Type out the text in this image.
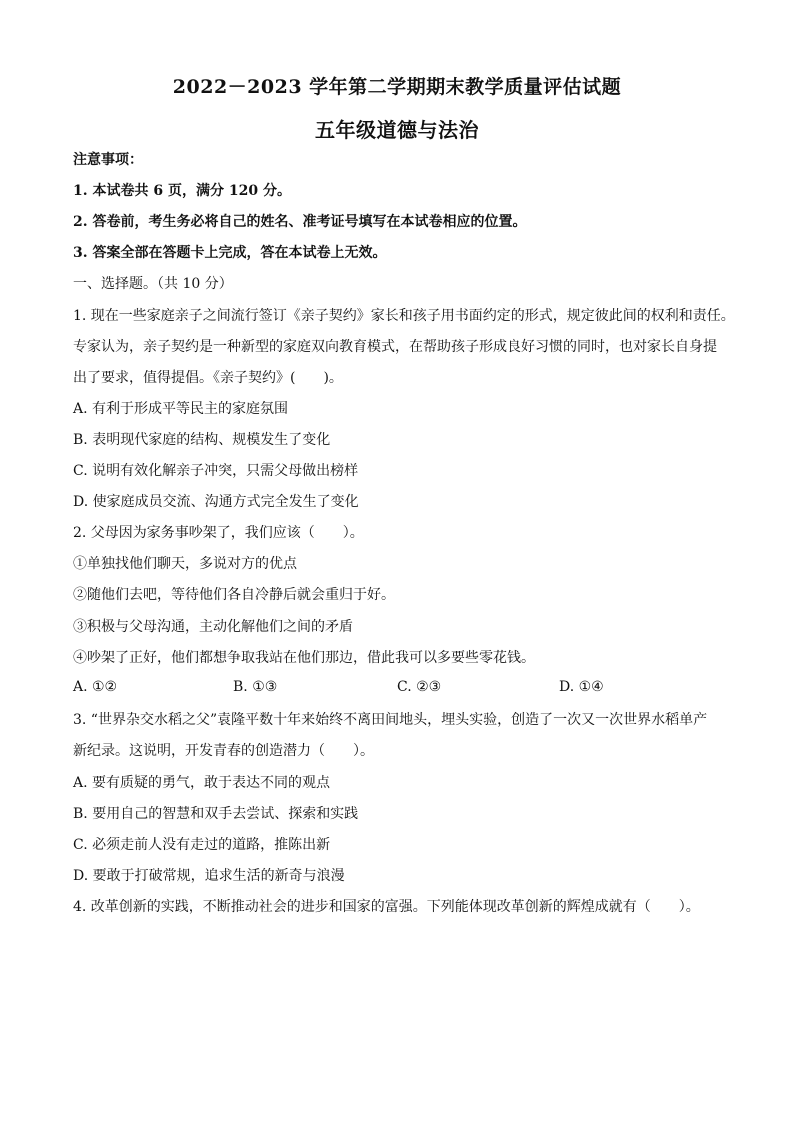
2022－2023 学年第二学期期末教学质量评估试题
五年级道德与法治
注意事项：
1. 本试卷共 6 页，满分 120 分。
2. 答卷前，考生务必将自己的姓名、准考证号填写在本试卷相应的位置。
3. 答案全部在答题卡上完成，答在本试卷上无效。
一、选择题。（共 10 分）
1. 现在一些家庭亲子之间流行签订《亲子契约》家长和孩子用书面约定的形式，规定彼此间的权利和责任。
专家认为，亲子契约是一种新型的家庭双向教育模式，在帮助孩子形成良好习惯的同时，也对家长自身提
出了要求，值得提倡。《亲子契约》(　　)。
A. 有利于形成平等民主的家庭氛围
B. 表明现代家庭的结构、规模发生了变化
C. 说明有效化解亲子冲突，只需父母做出榜样
D. 使家庭成员交流、沟通方式完全发生了变化
2. 父母因为家务事吵架了，我们应该（　　）。
①单独找他们聊天，多说对方的优点
②随他们去吧，等待他们各自冷静后就会重归于好。
③积极与父母沟通，主动化解他们之间的矛盾
④吵架了正好，他们都想争取我站在他们那边，借此我可以多要些零花钱。
A. ①②	B. ①③	C. ②③	D. ①④
3. “世界杂交水稻之父”袁隆平数十年来始终不离田间地头，埋头实验，创造了一次又一次世界水稻单产
新纪录。这说明，开发青春的创造潜力（　　）。
A. 要有质疑的勇气，敢于表达不同的观点
B. 要用自己的智慧和双手去尝试、探索和实践
C. 必须走前人没有走过的道路，推陈出新
D. 要敢于打破常规，追求生活的新奇与浪漫
4. 改革创新的实践，不断推动社会的进步和国家的富强。下列能体现改革创新的辉煌成就有（　　）。
